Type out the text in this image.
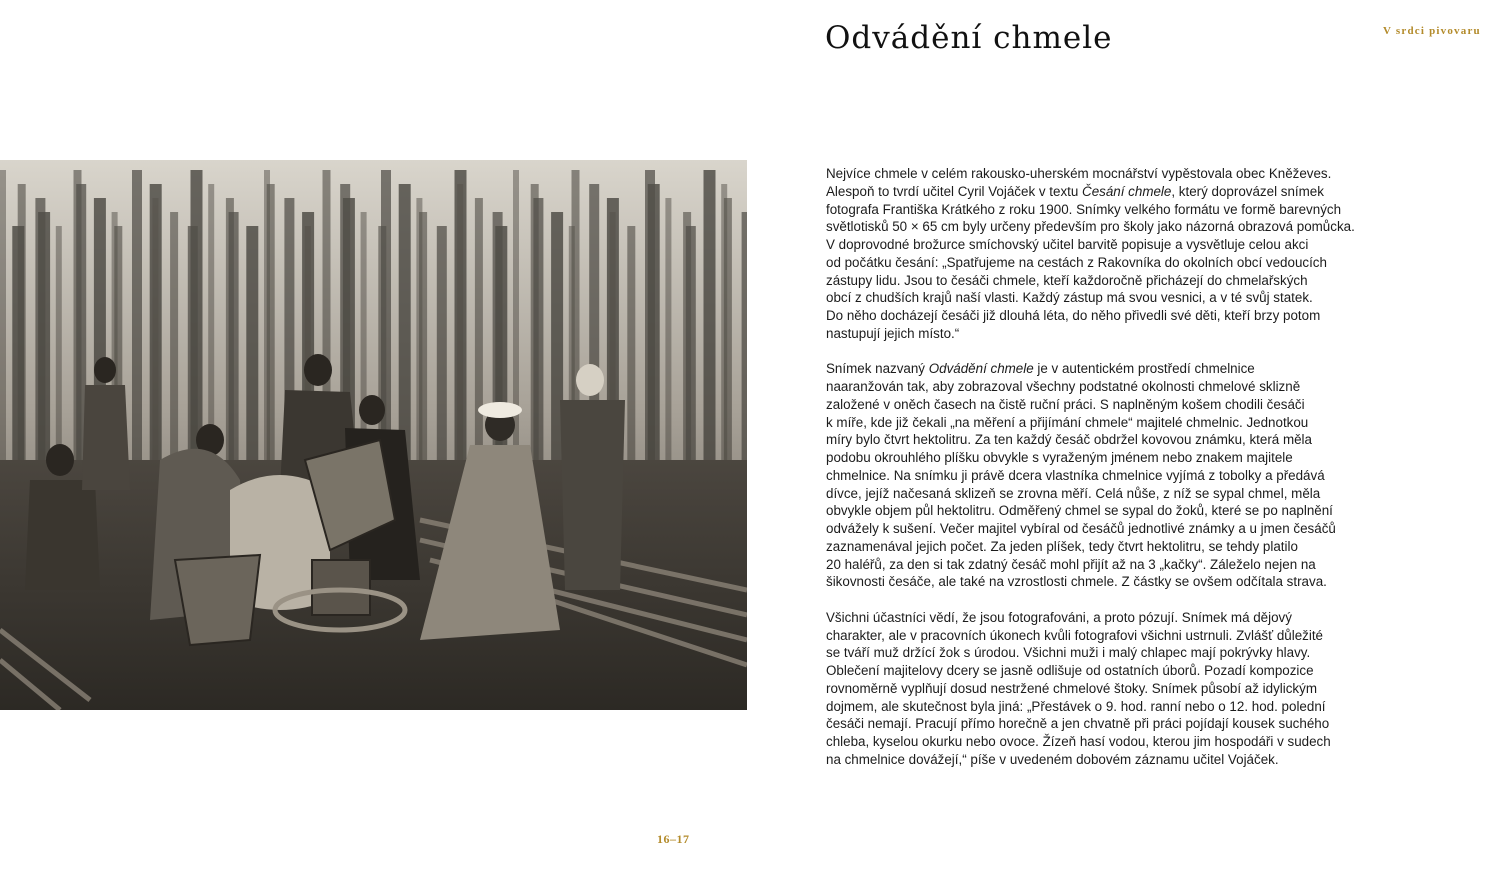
Odvádění chmele	V srdci pivovaru
Nejvíce chmele v celém rakousko-uherském mocnářství vypěstovala obec Kněževes.
Alespoň to tvrdí učitel Cyril Vojáček v textu Česání chmele, který doprovázel snímek
fotografa Františka Krátkého z roku 1900. Snímky velkého formátu ve formě barevných
světlotisků 50 × 65 cm byly určeny především pro školy jako názorná obrazová pomůcka.
V doprovodné brožurce smíchovský učitel barvitě popisuje a vysvětluje celou akci
od počátku česání: „Spatřujeme na cestách z Rakovníka do okolních obcí vedoucích
zástupy lidu. Jsou to česáči chmele, kteří každoročně přicházejí do chmelařských
obcí z chudších krajů naší vlasti. Každý zástup má svou vesnici, a v té svůj statek.
Do něho docházejí česáči již dlouhá léta, do něho přivedli své děti, kteří brzy potom
nastupují jejich místo.“
Snímek nazvaný Odvádění chmele je v autentickém prostředí chmelnice
naaranžován tak, aby zobrazoval všechny podstatné okolnosti chmelové sklizně
založené v oněch časech na čistě ruční práci. S naplněným košem chodili česáči
k míře, kde již čekali „na měření a přijímání chmele“ majitelé chmelnic. Jednotkou
míry bylo čtvrt hektolitru. Za ten každý česáč obdržel kovovou známku, která měla
podobu okrouhlého plíšku obvykle s vyraženým jménem nebo znakem majitele
chmelnice. Na snímku ji právě dcera vlastníka chmelnice vyjímá z tobolky a předává
dívce, jejíž načesaná sklizeň se zrovna měří. Celá nůše, z níž se sypal chmel, měla
obvykle objem půl hektolitru. Odměřený chmel se sypal do žoků, které se po naplnění
odvážely k sušení. Večer majitel vybíral od česáčů jednotlivé známky a u jmen česáčů
zaznamenával jejich počet. Za jeden plíšek, tedy čtvrt hektolitru, se tehdy platilo
20 haléřů, za den si tak zdatný česáč mohl přijít až na 3 „kačky“. Záleželo nejen na
šikovnosti česáče, ale také na vzrostlosti chmele. Z částky se ovšem odčítala strava.
Všichni účastníci vědí, že jsou fotografováni, a proto pózují. Snímek má dějový
charakter, ale v pracovních úkonech kvůli fotografovi všichni ustrnuli. Zvlášť důležité
se tváří muž držící žok s úrodou. Všichni muži i malý chlapec mají pokrývky hlavy.
Oblečení majitelovy dcery se jasně odlišuje od ostatních úborů. Pozadí kompozice
rovnoměrně vyplňují dosud nestržené chmelové štoky. Snímek působí až idylickým
dojmem, ale skutečnost byla jiná: „Přestávek o 9. hod. ranní nebo o 12. hod. polední
česáči nemají. Pracují přímo horečně a jen chvatně při práci pojídají kousek suchého
chleba, kyselou okurku nebo ovoce. Žízeň hasí vodou, kterou jim hospodáři v sudech
na chmelnice dovážejí,“ píše v uvedeném dobovém záznamu učitel Vojáček.
16–17
